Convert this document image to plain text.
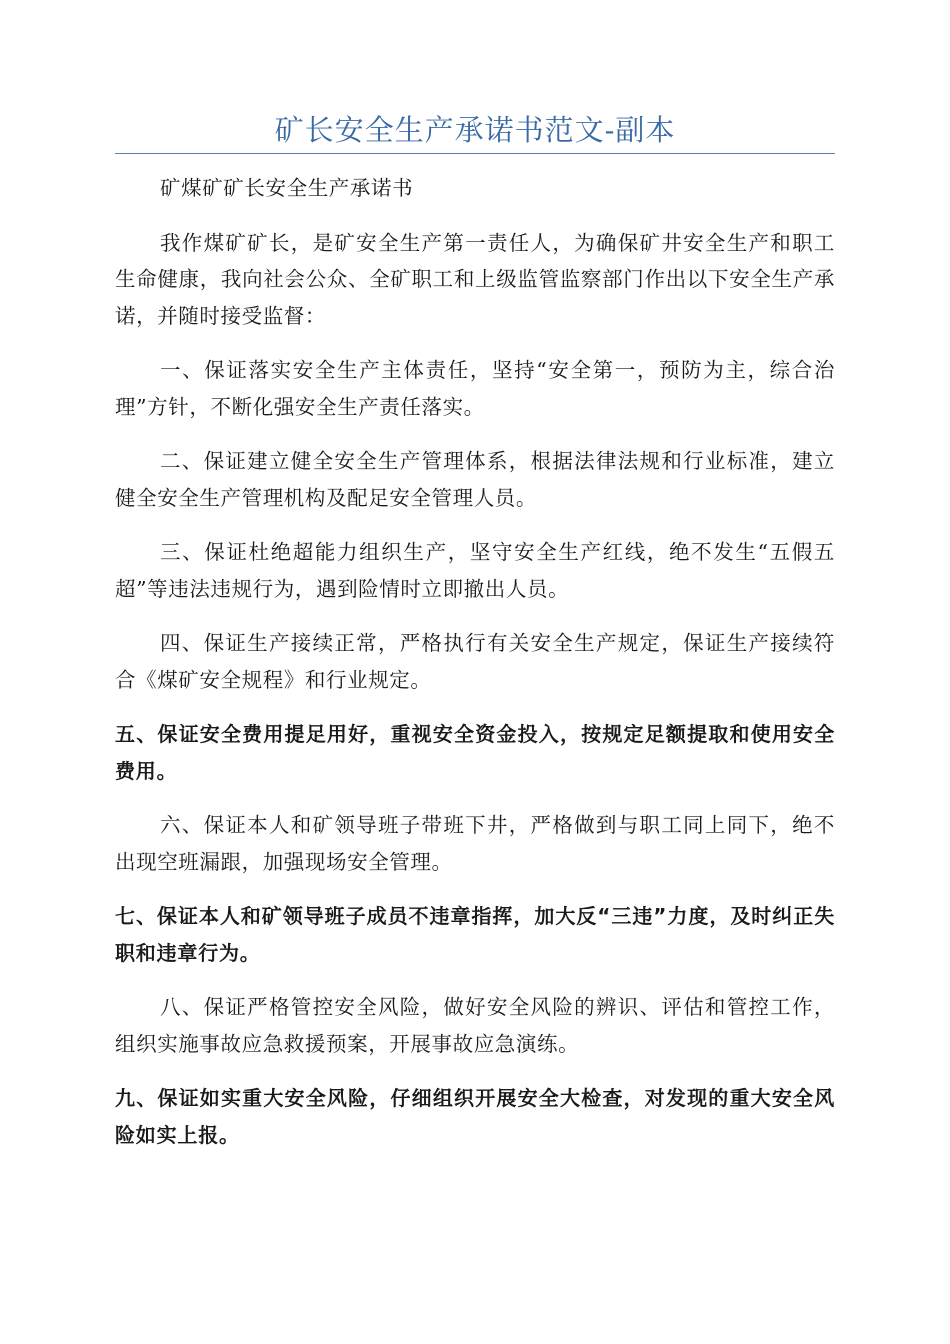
矿长安全生产承诺书范文-副本

矿煤矿矿长安全生产承诺书

我作煤矿矿长，是矿安全生产第一责任人，为确保矿井安全生产和职工生命健康，我向社会公众、全矿职工和上级监管监察部门作出以下安全生产承诺，并随时接受监督：

一、保证落实安全生产主体责任，坚持“安全第一，预防为主，综合治理”方针，不断化强安全生产责任落实。

二、保证建立健全安全生产管理体系，根据法律法规和行业标准，建立健全安全生产管理机构及配足安全管理人员。

三、保证杜绝超能力组织生产，坚守安全生产红线，绝不发生“五假五超”等违法违规行为，遇到险情时立即撤出人员。

四、保证生产接续正常，严格执行有关安全生产规定，保证生产接续符合《煤矿安全规程》和行业规定。

五、保证安全费用提足用好，重视安全资金投入，按规定足额提取和使用安全费用。

六、保证本人和矿领导班子带班下井，严格做到与职工同上同下，绝不出现空班漏跟，加强现场安全管理。

七、保证本人和矿领导班子成员不违章指挥，加大反“三违”力度，及时纠正失职和违章行为。

八、保证严格管控安全风险，做好安全风险的辨识、评估和管控工作，组织实施事故应急救援预案，开展事故应急演练。

九、保证如实重大安全风险，仔细组织开展安全大检查，对发现的重大安全风险如实上报。
